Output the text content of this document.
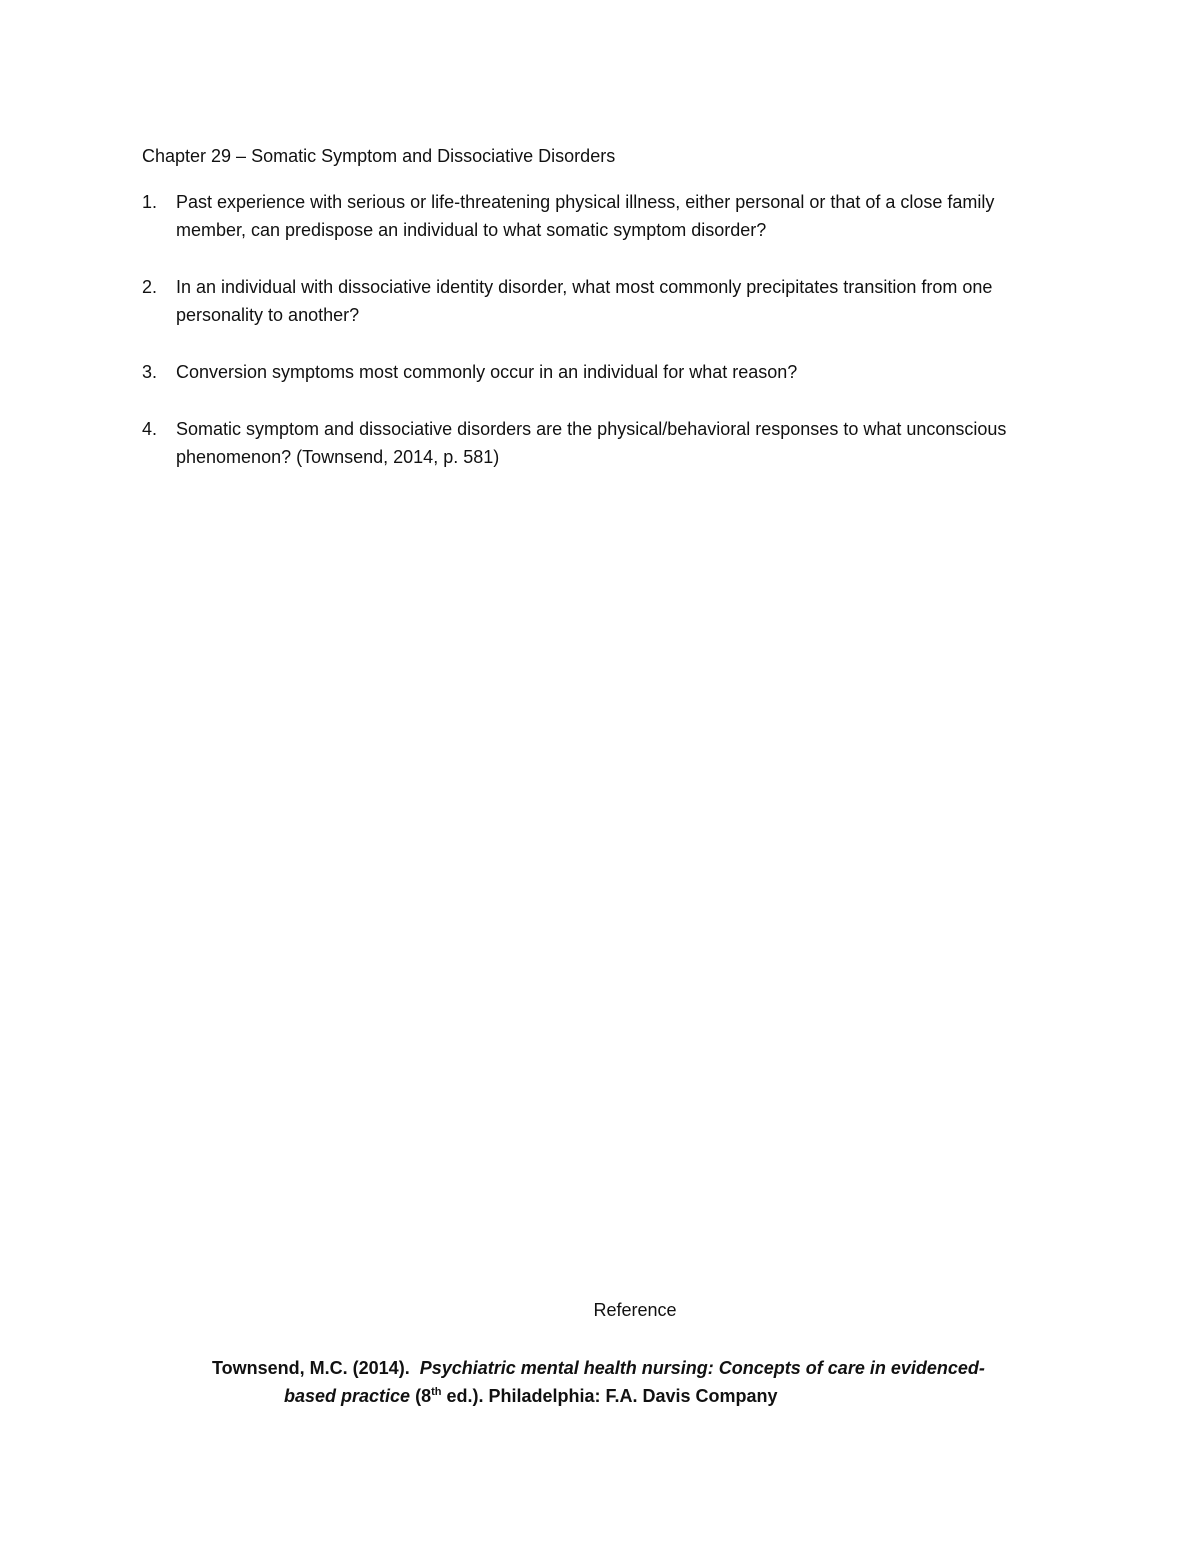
Chapter 29 – Somatic Symptom and Dissociative Disorders
1.	Past experience with serious or life-threatening physical illness, either personal or that of a close family member, can predispose an individual to what somatic symptom disorder?
2.	In an individual with dissociative identity disorder, what most commonly precipitates transition from one personality to another?
3.	Conversion symptoms most commonly occur in an individual for what reason?
4.	Somatic symptom and dissociative disorders are the physical/behavioral responses to what unconscious phenomenon? (Townsend, 2014, p. 581)
Reference
Townsend, M.C. (2014). Psychiatric mental health nursing: Concepts of care in evidenced-
based practice (8th ed.). Philadelphia: F.A. Davis Company
